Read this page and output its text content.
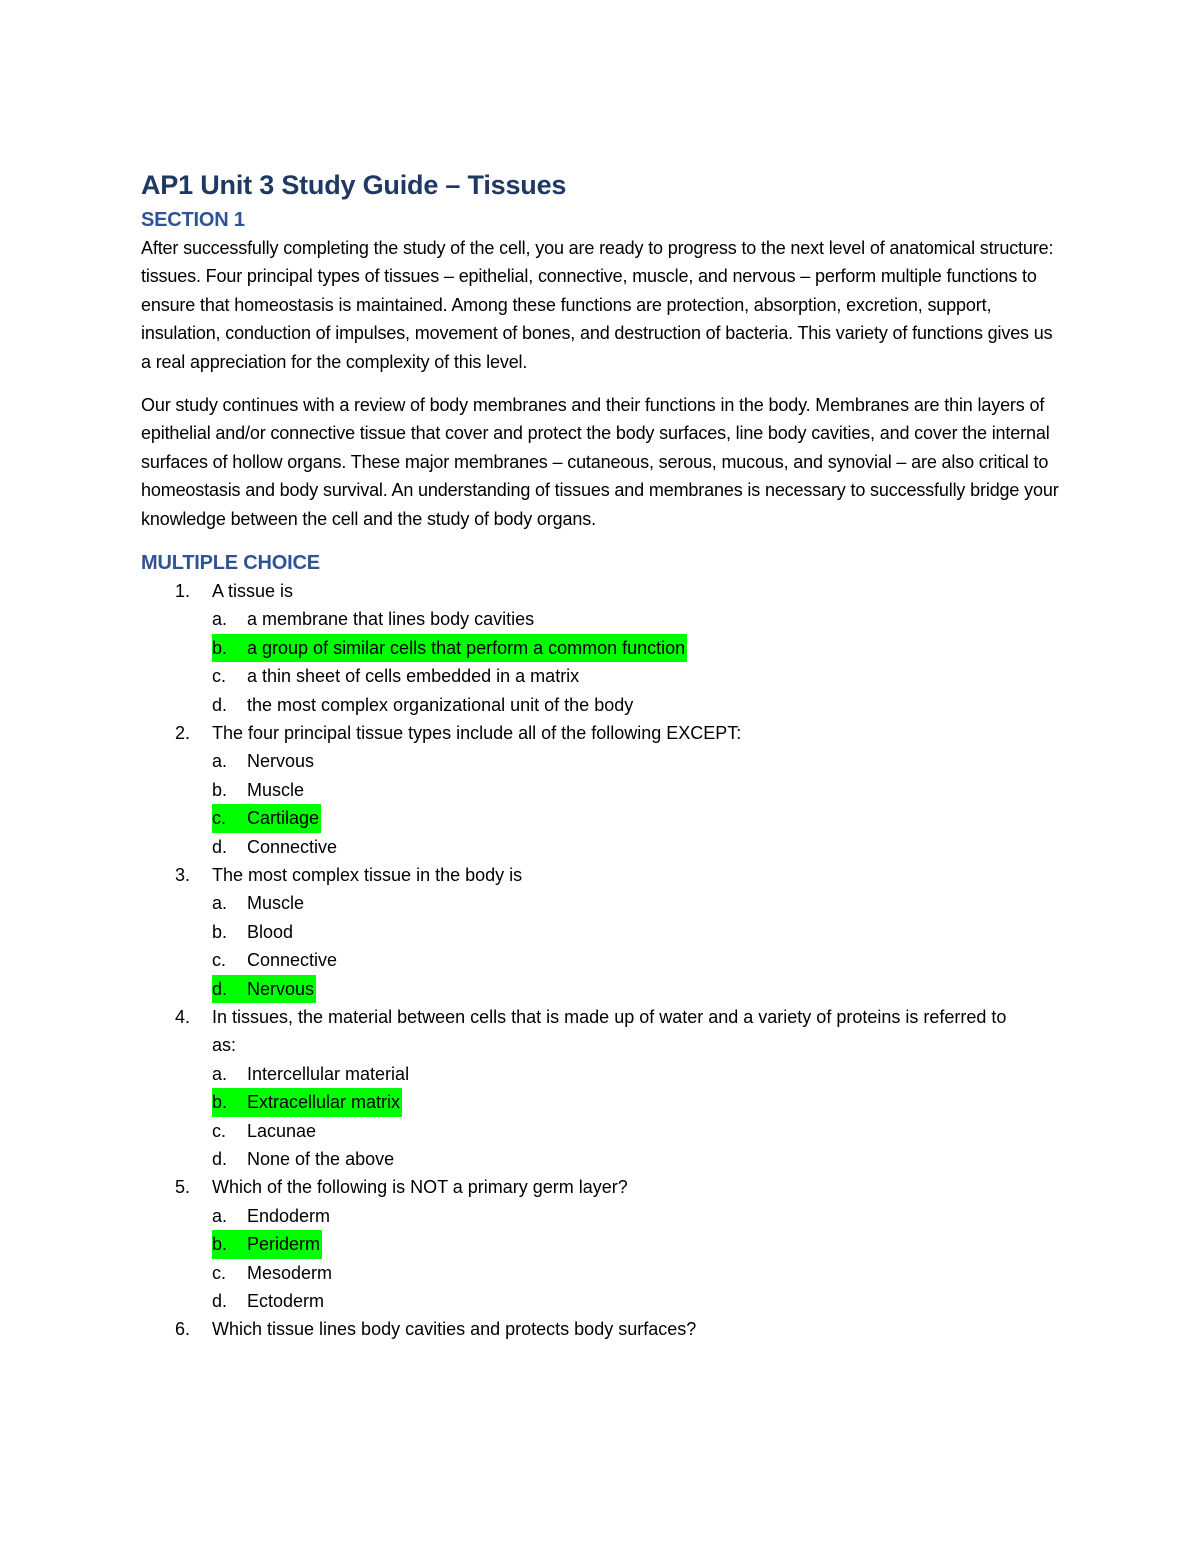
AP1 Unit 3 Study Guide – Tissues
SECTION 1

After successfully completing the study of the cell, you are ready to progress to the next level of anatomical structure: tissues. Four principal types of tissues – epithelial, connective, muscle, and nervous – perform multiple functions to ensure that homeostasis is maintained. Among these functions are protection, absorption, excretion, support, insulation, conduction of impulses, movement of bones, and destruction of bacteria. This variety of functions gives us a real appreciation for the complexity of this level.

Our study continues with a review of body membranes and their functions in the body. Membranes are thin layers of epithelial and/or connective tissue that cover and protect the body surfaces, line body cavities, and cover the internal surfaces of hollow organs. These major membranes – cutaneous, serous, mucous, and synovial – are also critical to homeostasis and body survival. An understanding of tissues and membranes is necessary to successfully bridge your knowledge between the cell and the study of body organs.

MULTIPLE CHOICE
1.	A tissue is
a. a membrane that lines body cavities
b. a group of similar cells that perform a common function
c. a thin sheet of cells embedded in a matrix
d. the most complex organizational unit of the body
2.	The four principal tissue types include all of the following EXCEPT:
a. Nervous
b. Muscle
c. Cartilage
d. Connective
3.	The most complex tissue in the body is
a. Muscle
b. Blood
c. Connective
d. Nervous
4.	In tissues, the material between cells that is made up of water and a variety of proteins is referred to as:
a. Intercellular material
b. Extracellular matrix
c. Lacunae
d. None of the above
5.	Which of the following is NOT a primary germ layer?
a. Endoderm
b. Periderm
c. Mesoderm
d. Ectoderm
6.	Which tissue lines body cavities and protects body surfaces?
